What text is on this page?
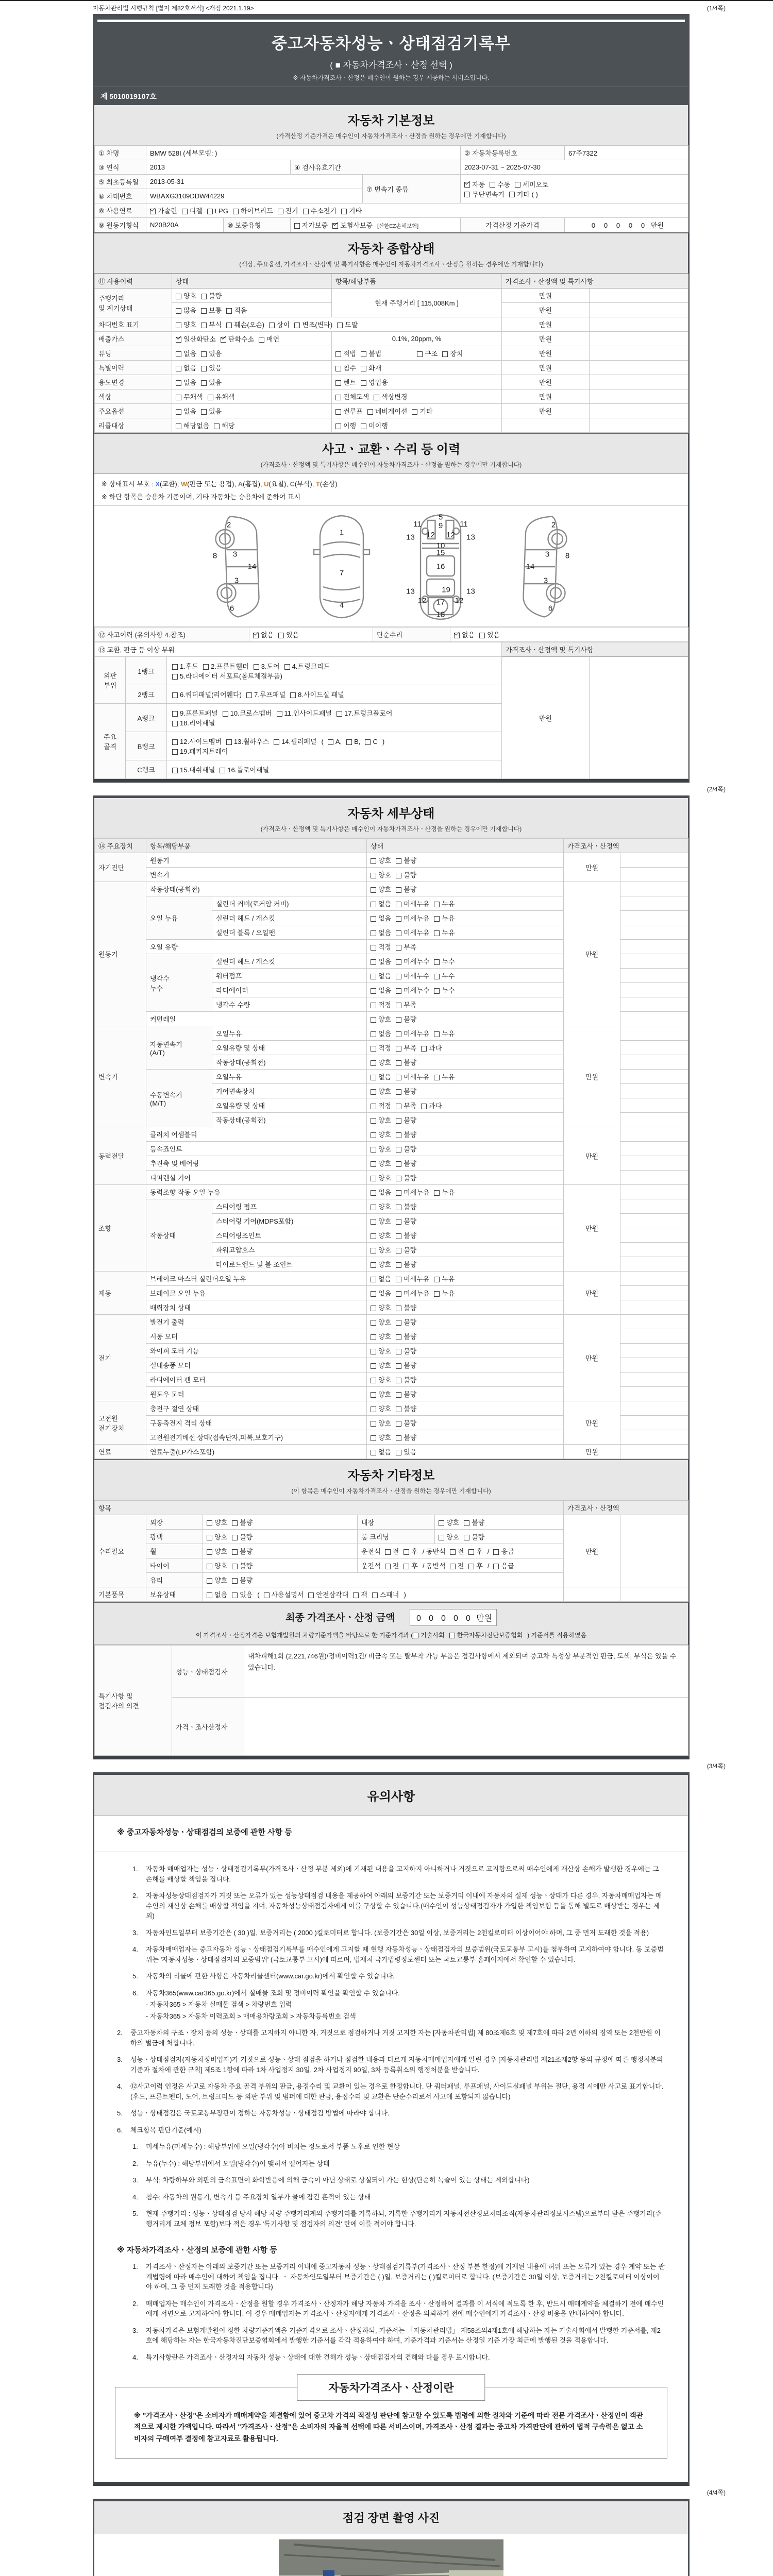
자동차관리법 시행규칙 [별지 제82호서식] <개정 2021.1.19>	(1/4쪽)
중고자동차성능ㆍ상태점검기록부
( ■ 자동차가격조사ㆍ산정 선택 )
※ 자동차가격조사ㆍ산정은 매수인이 원하는 경우 제공하는 서비스입니다.
제 5010019107호
자동차 기본정보
(가격산정 기준가격은 매수인이 자동차가격조사ㆍ산정을 원하는 경우에만 기재합니다)
① 차명	BMW 528I (세부모델: )				② 자동차등록번호	67주7322
③ 연식	2013		④ 검사유효기간		2023-07-31 ~ 2025-07-30	
⑤ 최초등록일	2013-05-31			⑦ 변속기 종류	자동 수동 세미오토
무단변속기 기타 ( )	
⑥ 차대번호	WBAXG3109DDW44229					
⑧ 사용연료	가솔린 디젤 LPG 하이브리드 전기 수소전기 기타					
⑨ 원동기형식	N20B20A	⑩ 보증유형	자가보증 보험사보증 [신한EZ손해보험]		가격산정 기준가격	0 0 0 0 0 만원
자동차 종합상태
(색상, 주요옵션, 가격조사ㆍ산정액 및 특기사항은 매수인이 자동차가격조사ㆍ산정을 원하는 경우에만 기재합니다)
⑪ 사용이력	상태	항목/해당부품	가격조사ㆍ산정액 및 특기사항	
주행거리
및 계기상태	양호 불량	현재 주행거리 [ 115,008Km ]	만원	
	많음 보통 적음		만원	
차대번호 표기	양호 부식 훼손(오손) 상이 변조(변타) 도말		만원	
배출가스	일산화탄소 탄화수소 매연	0.1%, 20ppm, %	만원	
튜닝	없음 있음	적법 불법 구조 장치	만원	
특별이력	없음 있음	침수 화재	만원	
용도변경	없음 있음	렌트 영업용	만원	
색상	무채색 유채색	전체도색 색상변경	만원	
주요옵션	없음 있음	썬루프 네비게이션 기타	만원	
리콜대상	해당없음 해당	이행 미이행		
사고ㆍ교환ㆍ수리 등 이력
(가격조사ㆍ산정액 및 특기사항은 매수인이 자동차가격조사ㆍ산정을 원하는 경우에만 기재합니다)
※ 상태표시 부호 : X(교환), W(판금 또는 용접), A(흠집), U(요철), C(부식), T(손상)
※ 하단 항목은 승용차 기준이며, 기타 자동차는 승용차에 준하여 표시
2
8	3
14
3
6
1
7
4
5
11	9	11
13 12 12 13
10
15
16
13	19	13
12 17 12
18
2
8
3
14
3
6
⑫ 사고이력 (유의사항 4.참조)	없음 있음	단순수리	없음 있음
⑬ 교환, 판금 등 이상 부위			가격조사ㆍ산정액 및 특기사항	
외판
부위	1랭크	1.후드 2.프론트휀더 3.도어 4.트렁크리드
5.라디에이터 서포트(볼트체결부품)	만원	
	2랭크	6.쿼더패널(리어휀다) 7.루프패널 8.사이드실 패널		
주요
골격	A랭크	9.프론트패널 10.크로스멤버 11.인사이드패널 17.트렁크플로어
18.리어패널		
	B랭크	12.사이드멤버 13.휠하우스 14.필러패널 ( A, B, C )
19.패키지트레이		
	C랭크	15.대쉬패널 16.플로어패널		
(2/4쪽)
자동차 세부상태
(가격조사ㆍ산정액 및 특기사항은 매수인이 자동차가격조사ㆍ산정을 원하는 경우에만 기재합니다)
⑭ 주요장치	항목/해당부품		상태	가격조사ㆍ산정액	
자기진단	원동기		양호 불량	만원	
	변속기		양호 불량		
원동기	작동상태(공회전)		양호 불량	만원	
	오일 누유	실린더 커버(로커암 커버)	없음 미세누유 누유		
		실린더 헤드 / 개스킷	없음 미세누유 누유		
		실린더 블록 / 오일팬	없음 미세누유 누유		
	오일 유량		적정 부족		
	냉각수
누수	실린더 헤드 / 개스킷	없음 미세누수 누수		
		워터펌프	없음 미세누수 누수		
		라디에이터	없음 미세누수 누수		
		냉각수 수량	적정 부족		
	커먼레일		양호 불량		
변속기	자동변속기
(A/T)	오일누유	없음 미세누유 누유	만원	
		오일유량 및 상태	적정 부족 과다		
		작동상태(공회전)	양호 불량		
	수동변속기
(M/T)	오일누유	없음 미세누유 누유		
		기어변속장치	양호 불량		
		오일유량 및 상태	적정 부족 과다		
		작동상태(공회전)	양호 불량		
동력전달	클러치 어셈블리		양호 불량	만원	
	등속죠인트		양호 불량		
	추진축 및 베어링		양호 불량		
	디퍼렌셜 기어		양호 불량		
조향	동력조향 작동 오일 누유		없음 미세누유 누유	만원	
	작동상태	스티어링 펌프	양호 불량		
		스티어링 기어(MDPS포함)	양호 불량		
		스티어링조인트	양호 불량		
		파워고압호스	양호 불량		
		타이로드엔드 및 볼 조인트	양호 불량		
제동	브레이크 마스터 실린더오일 누유		없음 미세누유 누유	만원	
	브레이크 오일 누유		없음 미세누유 누유		
	배력장치 상태		양호 불량		
전기	발전기 출력		양호 불량	만원	
	시동 모터		양호 불량		
	와이퍼 모터 기능		양호 불량		
	실내송풍 모터		양호 불량		
	라디에이터 팬 모터		양호 불량		
	윈도우 모터		양호 불량		
고전원
전기장치	충전구 절연 상태		양호 불량	만원	
	구동축전지 격리 상태		양호 불량		
	고전원전기배선 상태(접속단자,피복,보호기구)		양호 불량		
연료	연료누출(LP가스포함)		없음 있음	만원	
자동차 기타정보
(이 항목은 매수인이 자동차가격조사ㆍ산정을 원하는 경우에만 기재합니다)
항목					가격조사ㆍ산정액	
수리필요	외장	양호 불량	내장	양호 불량	만원	
	광택	양호 불량	룸 크리닝	양호 불량		
	휠	양호 불량	운전석 전 후 / 동반석 전 후 / 응급			
	타이어	양호 불량	운전석 전 후 / 동반석 전 후 / 응급			
	유리	양호 불량				
기본품목	보유상태	없음 있음 ( 사용설명서 안전삼각대 잭 스패너 )				
최종 가격조사ㆍ산정 금액	0 0 0 0 0 만원
이 가격조사ㆍ산정가격은 보험개발원의 차량기준가액을 바탕으로 한 기준가격과 ( 기술사회 한국자동차진단보증협회 ) 기준서를 적용하였음
특기사항 및
점검자의 의견	성능ㆍ상태점검자	내차피해1회 (2,221,746원)/정비이력1건/ 비금속 또는 탈부착 가능 부품은 점검사항에서 제외되며 중고차 특성상 부분적인 판금, 도색, 부식은 있을 수 있습니다.
	가격ㆍ조사산정자	
(3/4쪽)
유의사항
※ 중고자동차성능ㆍ상태점검의 보증에 관한 사항 등
1.	자동차 매매업자는 성능ㆍ상태점검기록부(가격조사ㆍ산정 부분 제외)에 기재된 내용을 고지하지 아니하거나 거짓으로 고지함으로써 매수인에게 재산상 손해가 발생한 경우에는 그 손해를 배상할 책임을 집니다.
2.	자동차성능상태점검자가 거짓 또는 오류가 있는 성능상태점검 내용을 제공하여 아래의 보증기간 또는 보증거리 이내에 자동차의 실제 성능ㆍ상태가 다른 경우, 자동차매매업자는 매수인의 재산상 손해를 배상할 책임을 지며, 자동차성능상태점검자에게 이를 구상할 수 있습니다.(매수인이 성능상태점검자가 가입한 책임보험 등을 통해 별도로 배상받는 경우는 제외)
3.	자동차인도일부터 보증기간은 ( 30 )일, 보증거리는 ( 2000 )킬로미터로 합니다. (보증기간은 30일 이상, 보증거리는 2천킬로미터 이상이어야 하며, 그 중 먼저 도래한 것을 적용)
4.	자동차매매업자는 중고자동차 성능ㆍ상태점검기록부를 매수인에게 고지할 때 현행 자동차성능ㆍ상태점검자의 보증범위(국토교통부 고시)를 첨부하여 고지하여야 합니다. 동 보증범위는 '자동차성능ㆍ상태점검자의 보증범위' (국토교통부 고시)에 따르며, 법제처 국가법령정보센터 또는 국토교통부 홈페이지에서 확인할 수 있습니다.
5.	자동차의 리콜에 관한 사항은 자동차리콜센터(www.car.go.kr)에서 확인할 수 있습니다.
6.	자동차365(www.car365.go.kr)에서 실매물 조회 및 정비이력 확인을 확인할 수 있습니다.
- 자동차365 > 자동차 실매물 검색 > 차량번호 입력
- 자동차365 > 자동차 이력조회 > 매매용차량조회 > 자동차등록번호 검색
2.	중고자동차의 구조ㆍ장치 등의 성능ㆍ상태를 고지하지 아니한 자, 거짓으로 점검하거나 거짓 고지한 자는 [자동차관리법] 제 80조제6호 및 제7호에 따라 2년 이하의 징역 또는 2천만원 이하의 벌금에 처합니다.
3.	성능ㆍ상태점검자(자동차정비업자)가 거짓으로 성능ㆍ상태 점검을 하거나 점검한 내용과 다르게 자동차매매업자에게 알린 경우 [자동차관리법 제21조제2항 등의 규정에 따른 행정처분의 기준과 절차에 관한 규칙] 제5조 1항에 따라 1차 사업정지 30일, 2차 사업정지 90일, 3차 등록취소의 행정처분을 받습니다.
4.	⑫사고이력 인정은 사고로 자동차 주요 골격 부위의 판금, 용접수리 및 교환이 있는 경우로 한정합니다. 단 쿼터패널, 루프패널, 사이드실패널 부위는 절단, 용접 시에만 사고로 표기합니다. (후드, 프론트펜더, 도어, 트렁크리드 등 외판 부위 및 범퍼에 대한 판금, 용접수리 및 교환은 단순수리로서 사고에 포함되지 않습니다)
5.	성능ㆍ상태점검은 국토교통부장관이 정하는 자동차성능ㆍ상태점검 방법에 따라야 합니다.
6.	체크항목 판단기준(예시)
1.	미세누유(미세누수) : 해당부위에 오일(냉각수)이 비치는 정도로서 부품 노후로 인한 현상
2.	누유(누수) : 해당부위에서 오일(냉각수)이 맺혀서 떨어지는 상태
3.	부식: 차량하부와 외판의 금속표면이 화학반응에 의해 금속이 아닌 상태로 상실되어 가는 현상(단순히 녹슬어 있는 상태는 제외합니다)
4.	침수: 자동차의 원동기, 변속기 등 주요장치 일부가 물에 잠긴 흔적이 있는 상태
5.	현재 주행거리 : 성능ㆍ상태점검 당시 해당 차량 주행거리계의 주행거리를 기록하되, 기록한 주행거리가 자동차전산정보처리조직(자동차관리정보시스템)으로부터 받은 주행거리(주행거리계 교체 정보 포함)보다 적은 경우 '특기사항 및 점검자의 의견' 란에 이를 적어야 합니다.
※ 자동차가격조사ㆍ산정의 보증에 관한 사항 등
1.	가격조사ㆍ산정자는 아래의 보증기간 또는 보증거리 이내에 중고자동차 성능ㆍ상태점검기록부(가격조사ㆍ산정 부분 한정)에 기재된 내용에 허위 또는 오류가 있는 경우 계약 또는 관계법령에 따라 매수인에 대하여 책임을 집니다. ㆍ 자동차인도일부터 보증기간은 ( )일, 보증거리는 ( )킬로미터로 합니다. (보증기간은 30일 이상, 보증거리는 2천킬로미터 이상이어야 하며, 그 중 먼저 도래한 것을 적용합니다)
2.	매매업자는 매수인이 가격조사ㆍ산정을 원할 경우 가격조사ㆍ산정자가 해당 자동차 가격을 조사ㆍ산정하여 결과를 이 서식에 적도록 한 후, 반드시 매매계약을 체결하기 전에 매수인에게 서면으로 고지하여야 합니다. 이 경우 매매업자는 가격조사ㆍ산정자에게 가격조사ㆍ산정을 의뢰하기 전에 매수인에게 가격조사ㆍ산정 비용을 안내하여야 합니다.
3.	자동차가격은 보험개발원이 정한 차량기준가액을 기준가격으로 조사ㆍ산정하되, 기준서는 「자동차관리법」 제58조의4제1호에 해당하는 자는 기술사회에서 발행한 기준서를, 제2호에 해당하는 자는 한국자동차진단보증협회에서 발행한 기준서를 각각 적용하여야 하며, 기준가격과 기준서는 산정일 기준 가장 최근에 발행된 것을 적용합니다.
4.	특기사항란은 가격조사ㆍ산정자의 자동차 성능ㆍ상태에 대한 견해가 성능ㆍ상태점검자의 견해와 다를 경우 표시합니다.
자동차가격조사ㆍ산정이란
※ "가격조사ㆍ산정"은 소비자가 매매계약을 체결함에 있어 중고차 가격의 적절성 판단에 참고할 수 있도록 법령에 의한 절차와 기준에 따라 전문 가격조사ㆍ산정인이 객관적으로 제시한 가액입니다. 따라서 "가격조사ㆍ산정"은 소비자의 자율적 선택에 따른 서비스이며, 가격조사ㆍ산정 결과는 중고차 가격판단에 관하여 법적 구속력은 없고 소비자의 구매여부 결정에 참고자료로 활용됩니다.
(4/4쪽)
점검 장면 촬영 사진
